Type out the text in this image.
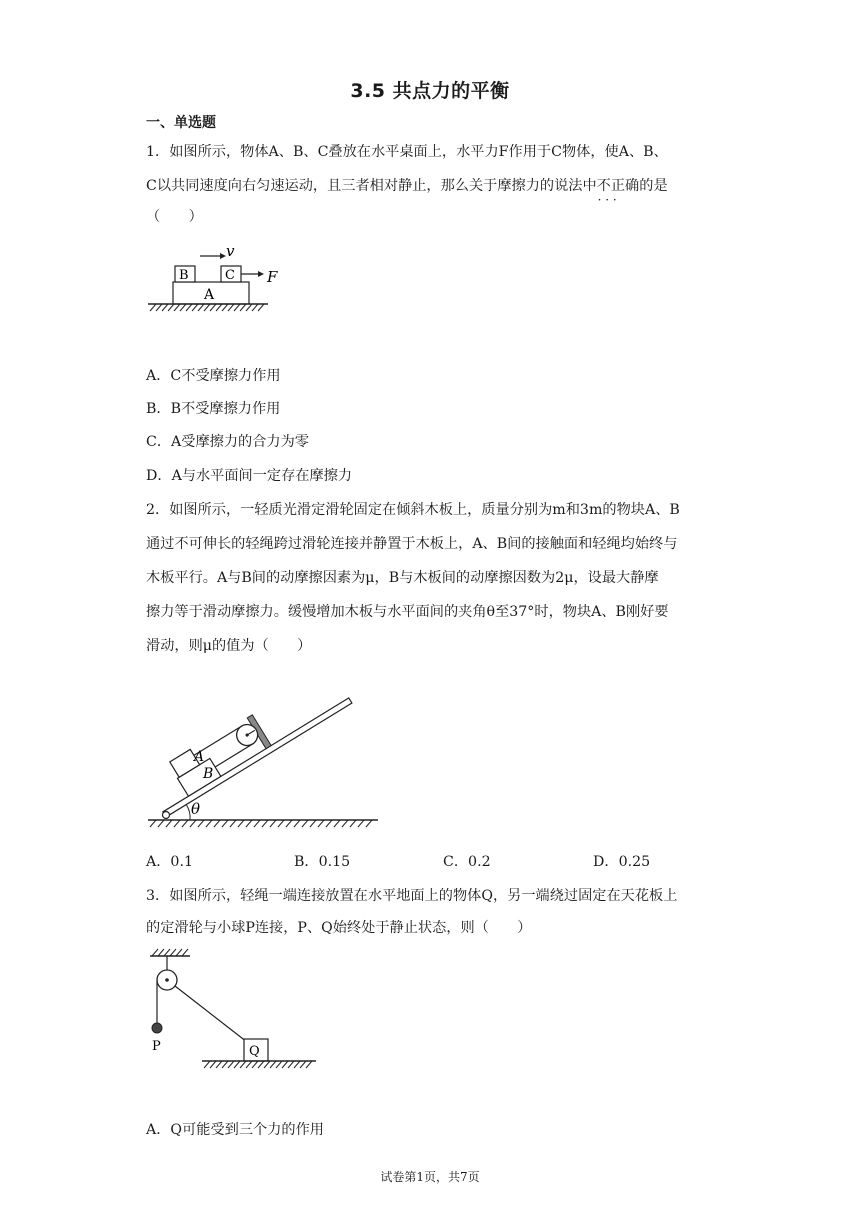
3.5 共点力的平衡
一、单选题
1．如图所示，物体A、B、C叠放在水平桌面上，水平力F作用于C物体，使A、B、
C以共同速度向右匀速运动，且三者相对静止，那么关于摩擦力的说法中不正确 · · ·的是
（　　）
A
B	C
v
F
A．C不受摩擦力作用
B．B不受摩擦力作用
C．A受摩擦力的合力为零
D．A与水平面间一定存在摩擦力
2．如图所示，一轻质光滑定滑轮固定在倾斜木板上，质量分别为m和3m的物块A、B
通过不可伸长的轻绳跨过滑轮连接并静置于木板上，A、B间的接触面和轻绳均始终与
木板平行。A与B间的动摩擦因素为μ，B与木板间的动摩擦因数为2μ，设最大静摩
擦力等于滑动摩擦力。缓慢增加木板与水平面间的夹角θ至37°时，物块A、B刚好要
滑动，则μ的值为（　　）
θ
A
B
A．0.1	B．0.15	C．0.2	D．0.25
3．如图所示，轻绳一端连接放置在水平地面上的物体Q，另一端绕过固定在天花板上
的定滑轮与小球P连接，P、Q始终处于静止状态，则（　　）
P	Q
A．Q可能受到三个力的作用
试卷第1页，共7页
